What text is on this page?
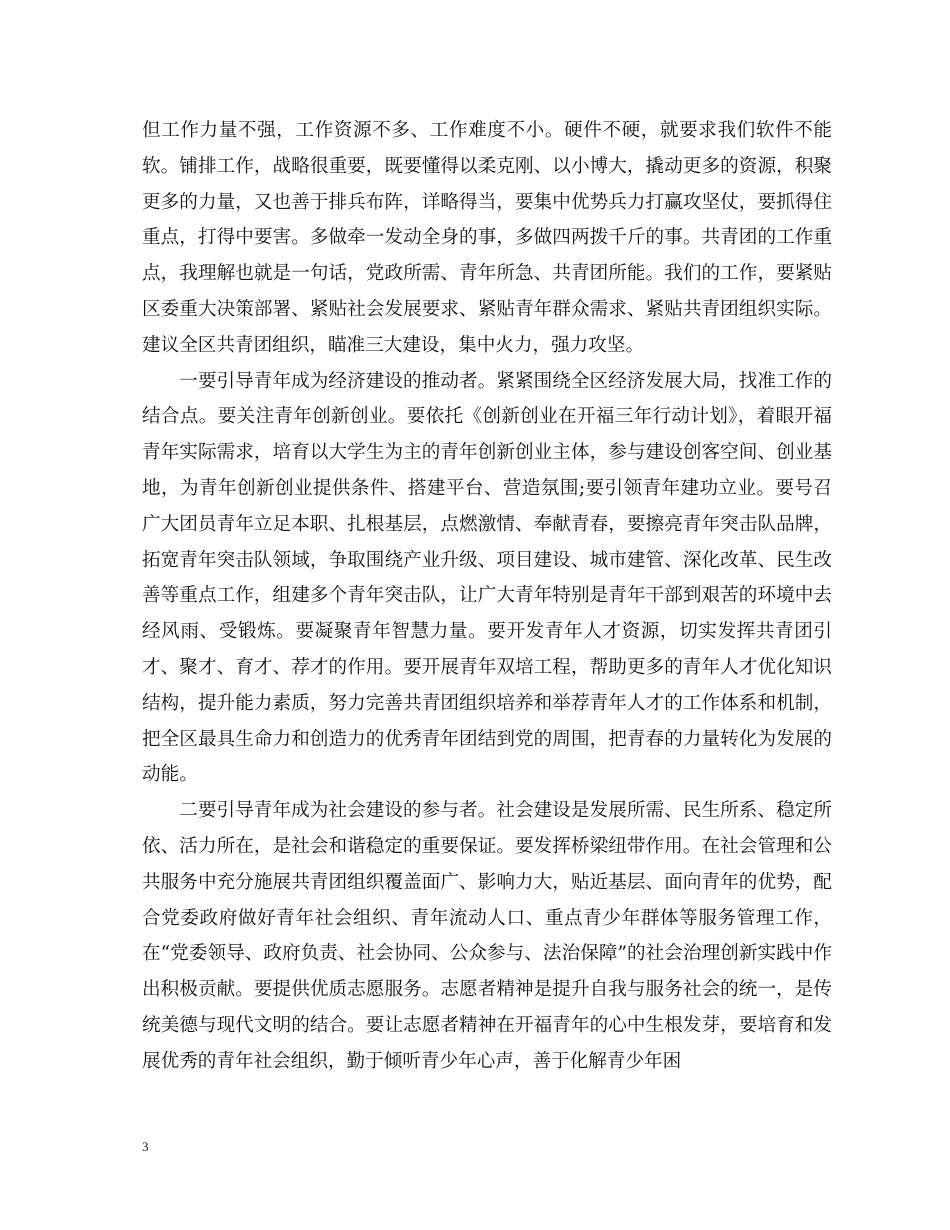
但工作力量不强，工作资源不多、工作难度不小。硬件不硬，就要求我们软件不能软。铺排工作，战略很重要，既要懂得以柔克刚、以小博大，撬动更多的资源，积聚更多的力量，又也善于排兵布阵，详略得当，要集中优势兵力打赢攻坚仗，要抓得住重点，打得中要害。多做牵一发动全身的事，多做四两拨千斤的事。共青团的工作重点，我理解也就是一句话，党政所需、青年所急、共青团所能。我们的工作，要紧贴区委重大决策部署、紧贴社会发展要求、紧贴青年群众需求、紧贴共青团组织实际。建议全区共青团组织，瞄准三大建设，集中火力，强力攻坚。

一要引导青年成为经济建设的推动者。紧紧围绕全区经济发展大局，找准工作的结合点。要关注青年创新创业。要依托《创新创业在开福三年行动计划》，着眼开福青年实际需求，培育以大学生为主的青年创新创业主体，参与建设创客空间、创业基地，为青年创新创业提供条件、搭建平台、营造氛围;要引领青年建功立业。要号召广大团员青年立足本职、扎根基层，点燃激情、奉献青春，要擦亮青年突击队品牌，拓宽青年突击队领域，争取围绕产业升级、项目建设、城市建管、深化改革、民生改善等重点工作，组建多个青年突击队，让广大青年特别是青年干部到艰苦的环境中去经风雨、受锻炼。要凝聚青年智慧力量。要开发青年人才资源，切实发挥共青团引才、聚才、育才、荐才的作用。要开展青年双培工程，帮助更多的青年人才优化知识结构，提升能力素质，努力完善共青团组织培养和举荐青年人才的工作体系和机制，把全区最具生命力和创造力的优秀青年团结到党的周围，把青春的力量转化为发展的动能。

二要引导青年成为社会建设的参与者。社会建设是发展所需、民生所系、稳定所依、活力所在，是社会和谐稳定的重要保证。要发挥桥梁纽带作用。在社会管理和公共服务中充分施展共青团组织覆盖面广、影响力大，贴近基层、面向青年的优势，配合党委政府做好青年社会组织、青年流动人口、重点青少年群体等服务管理工作，在“党委领导、政府负责、社会协同、公众参与、法治保障”的社会治理创新实践中作出积极贡献。要提供优质志愿服务。志愿者精神是提升自我与服务社会的统一，是传统美德与现代文明的结合。要让志愿者精神在开福青年的心中生根发芽，要培育和发展优秀的青年社会组织，勤于倾听青少年心声，善于化解青少年困

3
